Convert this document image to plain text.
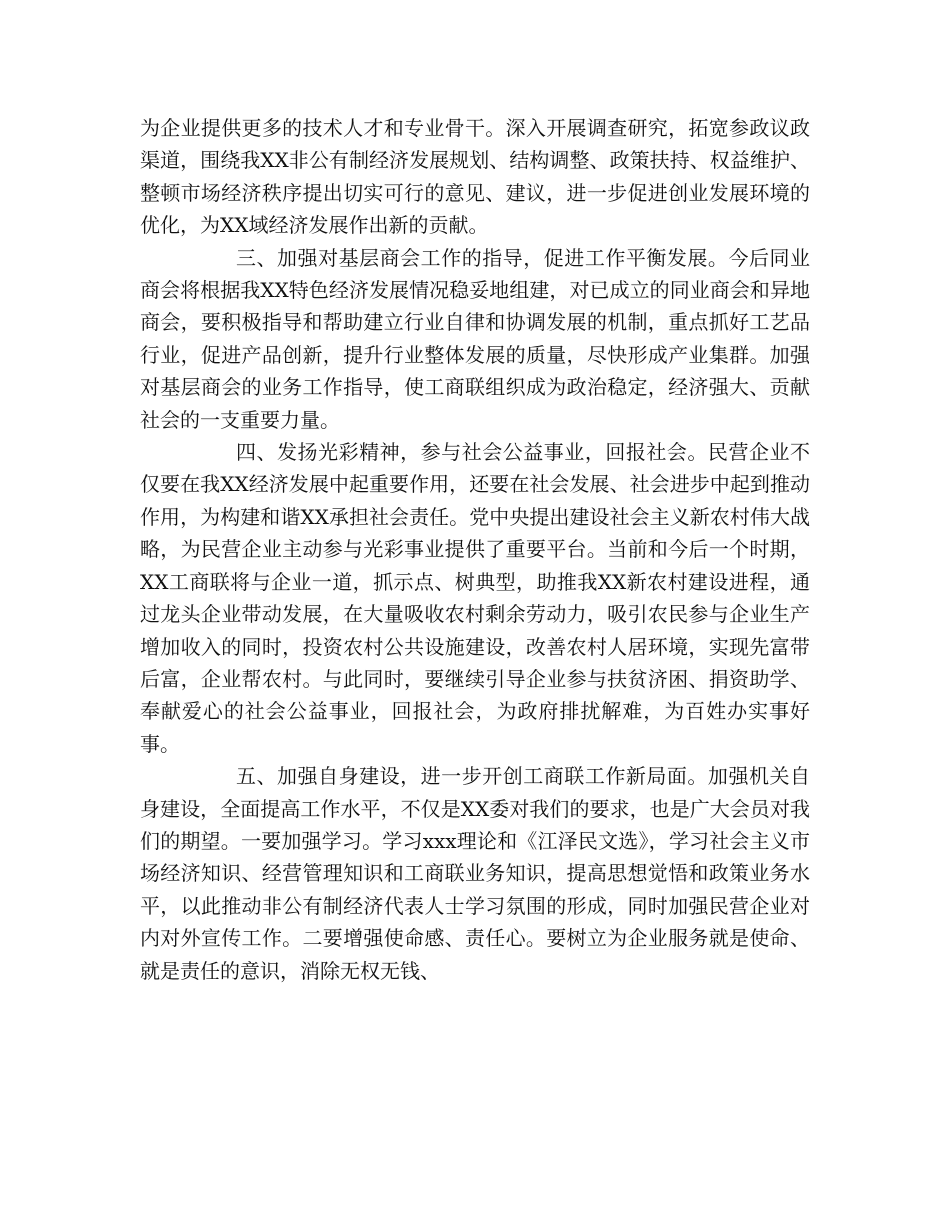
为企业提供更多的技术人才和专业骨干。深入开展调查研究，拓宽参政议政渠道，围绕我XX非公有制经济发展规划、结构调整、政策扶持、权益维护、整顿市场经济秩序提出切实可行的意见、建议，进一步促进创业发展环境的优化，为XX域经济发展作出新的贡献。

三、加强对基层商会工作的指导，促进工作平衡发展。今后同业商会将根据我XX特色经济发展情况稳妥地组建，对已成立的同业商会和异地商会，要积极指导和帮助建立行业自律和协调发展的机制，重点抓好工艺品行业，促进产品创新，提升行业整体发展的质量，尽快形成产业集群。加强对基层商会的业务工作指导，使工商联组织成为政治稳定，经济强大、贡献社会的一支重要力量。

四、发扬光彩精神，参与社会公益事业，回报社会。民营企业不仅要在我XX经济发展中起重要作用，还要在社会发展、社会进步中起到推动作用，为构建和谐XX承担社会责任。党中央提出建设社会主义新农村伟大战略，为民营企业主动参与光彩事业提供了重要平台。当前和今后一个时期，XX工商联将与企业一道，抓示点、树典型，助推我XX新农村建设进程，通过龙头企业带动发展，在大量吸收农村剩余劳动力，吸引农民参与企业生产增加收入的同时，投资农村公共设施建设，改善农村人居环境，实现先富带后富，企业帮农村。与此同时，要继续引导企业参与扶贫济困、捐资助学、奉献爱心的社会公益事业，回报社会，为政府排扰解难，为百姓办实事好事。

五、加强自身建设，进一步开创工商联工作新局面。加强机关自身建设，全面提高工作水平，不仅是XX委对我们的要求，也是广大会员对我们的期望。一要加强学习。学习xxx理论和《江泽民文选》，学习社会主义市场经济知识、经营管理知识和工商联业务知识，提高思想觉悟和政策业务水平，以此推动非公有制经济代表人士学习氛围的形成，同时加强民营企业对内对外宣传工作。二要增强使命感、责任心。要树立为企业服务就是使命、就是责任的意识，消除无权无钱、
